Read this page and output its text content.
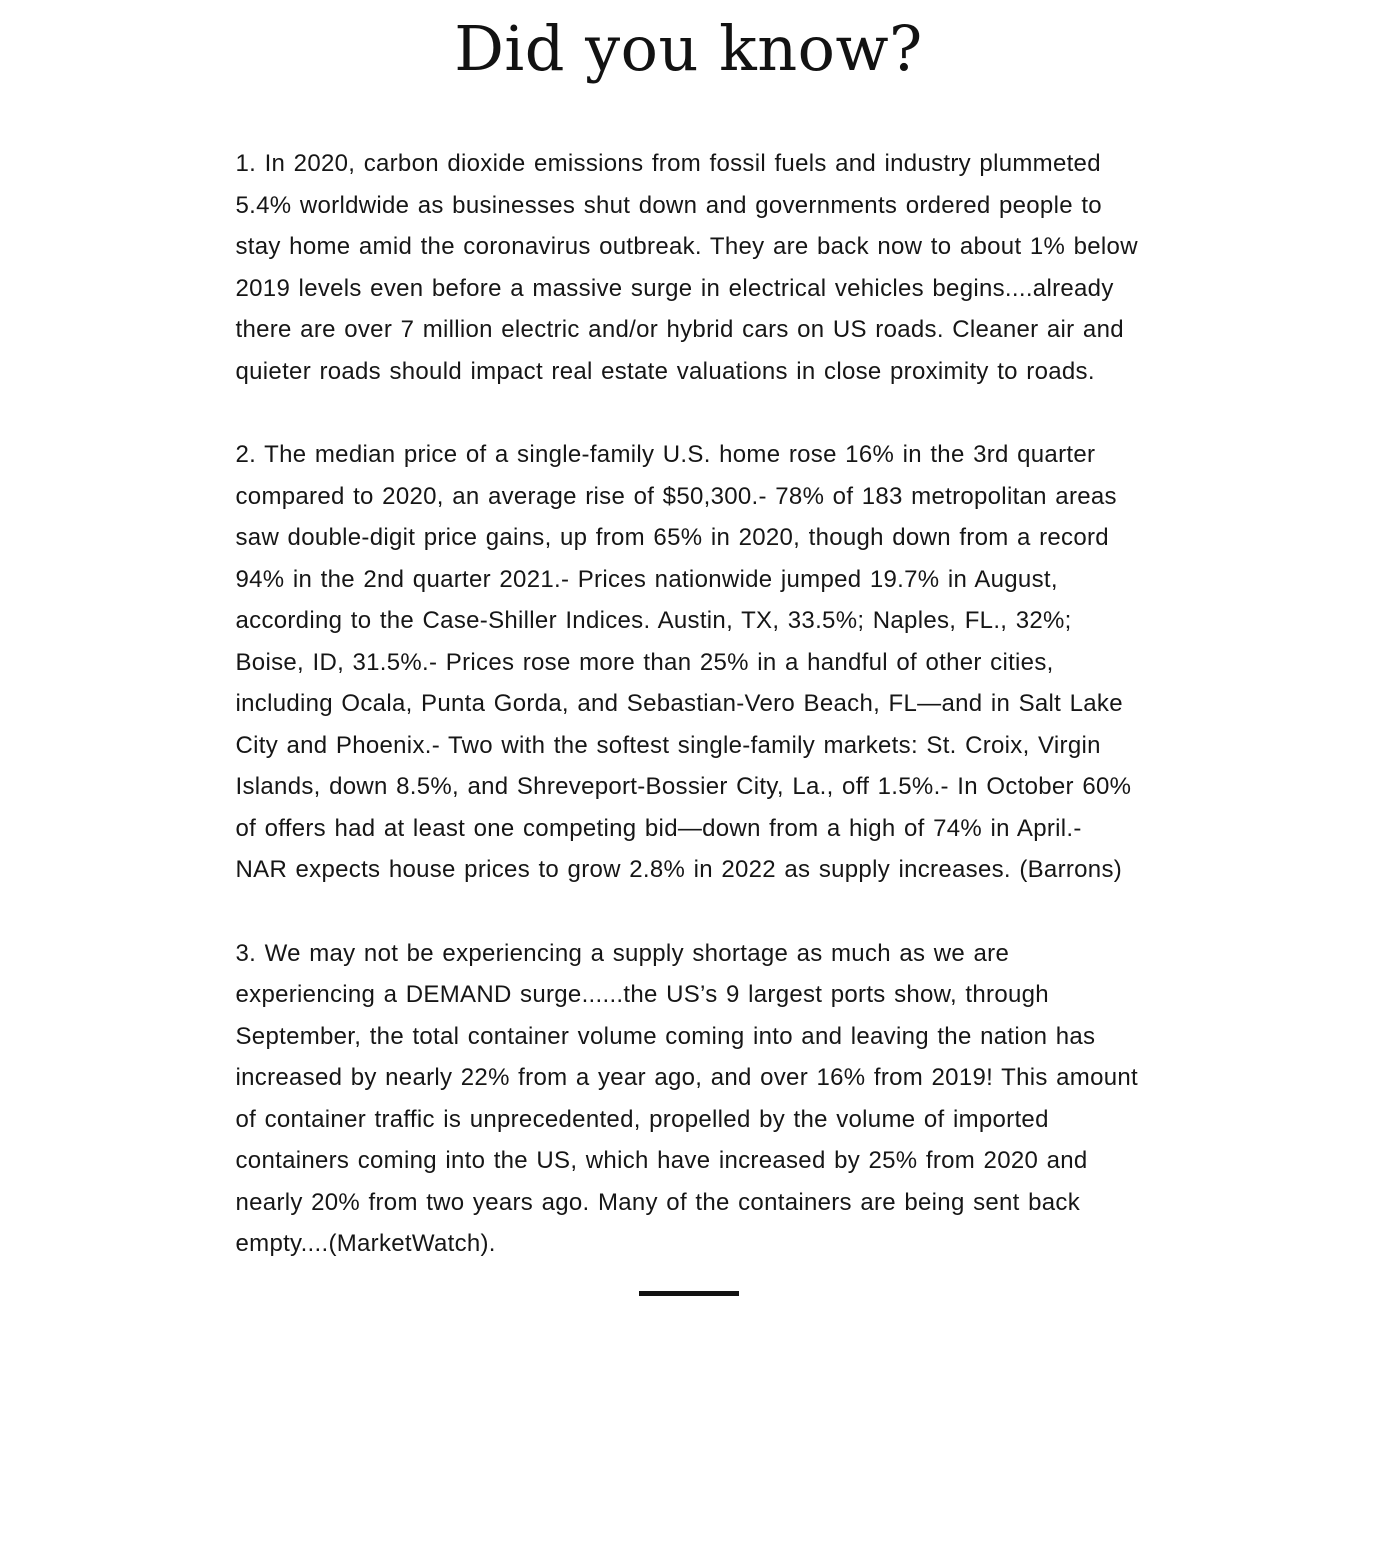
Did you know?

1. In 2020, carbon dioxide emissions from fossil fuels and industry plummeted 5.4% worldwide as businesses shut down and governments ordered people to stay home amid the coronavirus outbreak. They are back now to about 1% below 2019 levels even before a massive surge in electrical vehicles begins....already there are over 7 million electric and/or hybrid cars on US roads. Cleaner air and quieter roads should impact real estate valuations in close proximity to roads.

2. The median price of a single-family U.S. home rose 16% in the 3rd quarter compared to 2020, an average rise of $50,300.- 78% of 183 metropolitan areas saw double-digit price gains, up from 65% in 2020, though down from a record 94% in the 2nd quarter 2021.- Prices nationwide jumped 19.7% in August, according to the Case-Shiller Indices. Austin, TX, 33.5%; Naples, FL., 32%; Boise, ID, 31.5%.- Prices rose more than 25% in a handful of other cities, including Ocala, Punta Gorda, and Sebastian-Vero Beach, FL—and in Salt Lake City and Phoenix.- Two with the softest single-family markets: St. Croix, Virgin Islands, down 8.5%, and Shreveport-Bossier City, La., off 1.5%.- In October 60% of offers had at least one competing bid—down from a high of 74% in April.- NAR expects house prices to grow 2.8% in 2022 as supply increases. (Barrons)

3. We may not be experiencing a supply shortage as much as we are experiencing a DEMAND surge......the US’s 9 largest ports show, through September, the total container volume coming into and leaving the nation has increased by nearly 22% from a year ago, and over 16% from 2019! This amount of container traffic is unprecedented, propelled by the volume of imported containers coming into the US, which have increased by 25% from 2020 and nearly 20% from two years ago. Many of the containers are being sent back empty....(MarketWatch).
